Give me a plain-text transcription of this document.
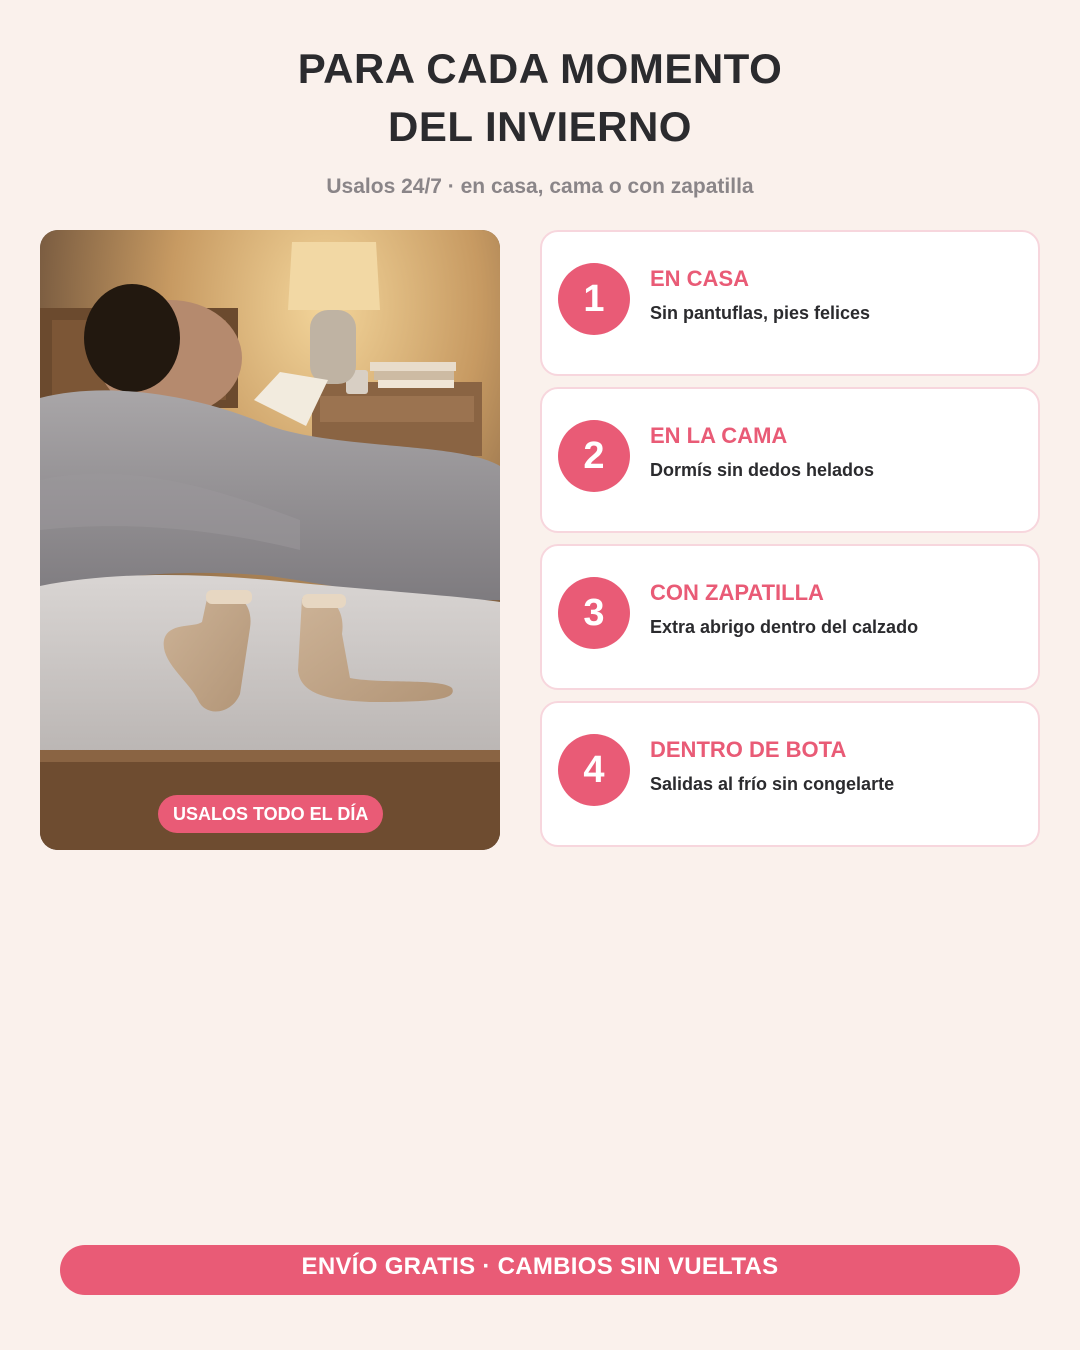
PARA CADA MOMENTO
DEL INVIERNO
Usalos 24/7 · en casa, cama o con zapatilla
USALOS TODO EL DÍA
1	EN CASA
Sin pantuflas, pies felices
2	EN LA CAMA
Dormís sin dedos helados
3	CON ZAPATILLA
Extra abrigo dentro del calzado
4	DENTRO DE BOTA
Salidas al frío sin congelarte
ENVÍO GRATIS · CAMBIOS SIN VUELTAS
